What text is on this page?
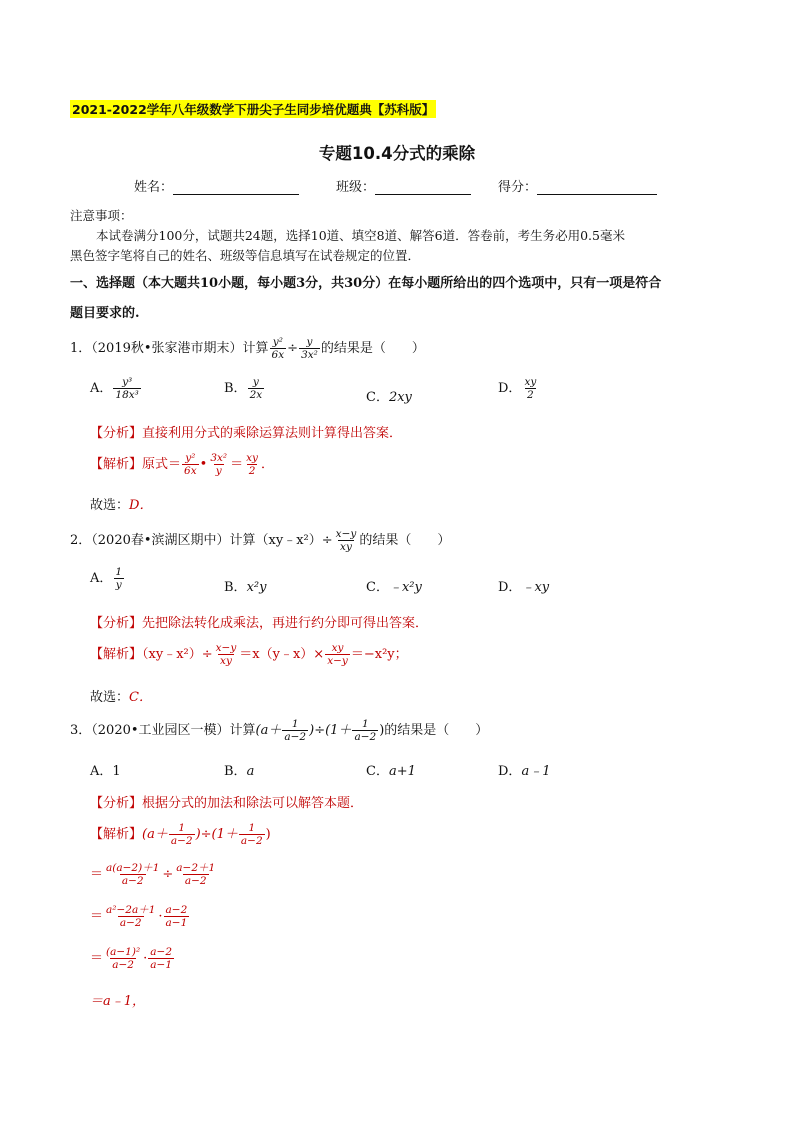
2021-2022学年八年级数学下册尖子生同步培优题典【苏科版】
专题10.4分式的乘除
姓名：	班级：	得分：
注意事项：
本试卷满分100分，试题共24题，选择10道、填空8道、解答6道．答卷前，考生务必用0.5毫米
黑色签字笔将自己的姓名、班级等信息填写在试卷规定的位置．
一、选择题（本大题共10小题，每小题3分，共30分）在每小题所给出的四个选项中，只有一项是符合
题目要求的.
1．（2019秋•张家港市期末）计算 $\frac{\text{y²}}{6x} \div \frac{y}{\text{3x²}}$ 的结果是（　　）
A． $\frac{\text{y³}}{\text{18x³}}$	B． $\frac{y}{2x}$	C．2xy
D． $\frac{xy}{2}$
【分析】直接利用分式的乘除运算法则计算得出答案．
【解析】原式＝ $\frac{\text{y²}}{6x}$ • $\frac{\text{3x²}}{y} = \frac{xy}{2}$ ．
故选：D．
2．（2020春•滨湖区期中）计算（xy﹣x²）÷ $\frac{x-y}{xy}$ 的结果（　　）
A． $\frac{1}{y}$	B．x²y	C．﹣x²y	D．﹣xy
【分析】先把除法转化成乘法，再进行约分即可得出答案．
【解析】（xy﹣x²）÷ $\frac{x-y}{xy}$ ＝x（y﹣x）× $\frac{xy}{x-y} =-x^2y$；
故选：C．
3．（2020•工业园区一模）计算$(a+ \frac{1}{a-2} )\div(1+ \frac{1}{a-2}$ )的结果是（　　）
A．1	B．a	C．a+1	D．a﹣1
【分析】根据分式的加法和除法可以解答本题．
【解析】$(a+ \frac{1}{a-2} )\div(1+ \frac{1}{a-2}$ )
＝ $\frac{a(a-2)+1}{a-2} \div \frac{a-2+1}{a-2}$
＝ $\frac{\text{a²−2a＋1}}{a-2} \cdot \frac{a-2}{a-1}$
＝ $\frac{\text{(a−1)²}}{a-2} \cdot \frac{a-2}{a-1}$
＝a﹣1，
